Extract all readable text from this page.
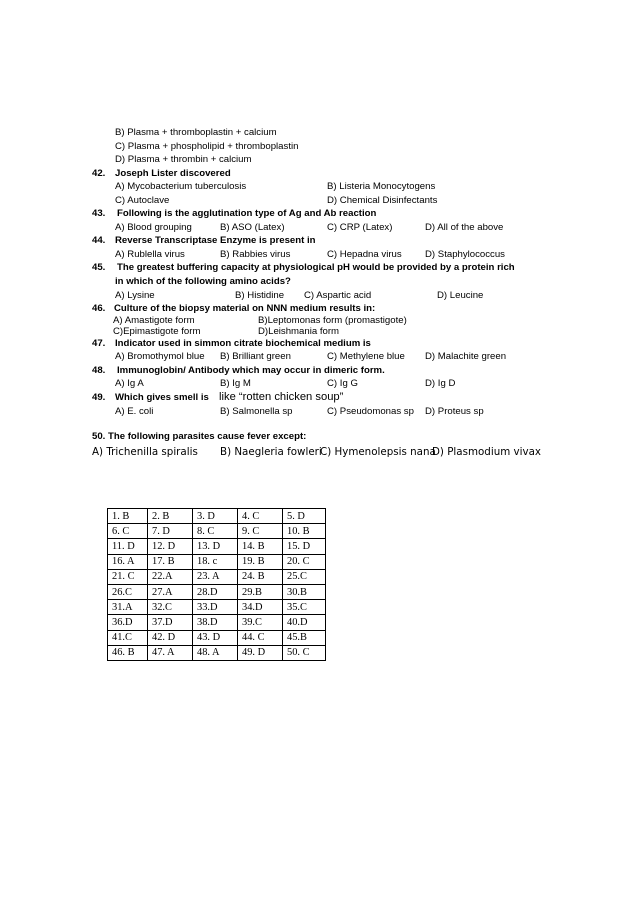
B) Plasma + thromboplastin + calcium
C) Plasma + phospholipid + thromboplastin
D) Plasma + thrombin + calcium
42. Joseph Lister discovered
A) Mycobacterium tuberculosis	B) Listeria Monocytogens
C) Autoclave	D) Chemical Disinfectants
43. Following is the agglutination type of Ag and Ab reaction
A) Blood grouping	B) ASO (Latex)	C) CRP (Latex)	D) All of the above
44. Reverse Transcriptase Enzyme is present in
A) Rublella virus	B) Rabbies virus	C) Hepadna virus D) Staphylococcus
45. The greatest buffering capacity at physiological pH would be provided by a protein rich
in which of the following amino acids?
A) Lysine	B) Histidine C) Aspartic acid	D) Leucine
46. Culture of the biopsy material on NNN medium results in:
A) Amastigote form	B)Leptomonas form (promastigote)
C)Epimastigote form	D)Leishmania form
47. Indicator used in simmon citrate biochemical medium is
A) Bromothymol blue B) Brilliant green	C) Methylene blue D) Malachite green
48. Immunoglobin/ Antibody which may occur in dimeric form.
A) Ig A	B) Ig M	C) Ig G	D) Ig D
49. Which gives smell is like “rotten chicken soup”
A) E. coli	B) Salmonella sp	C) Pseudomonas sp D) Proteus sp
50. The following parasites cause fever except:
A) Trichenilla spiralis B) Naegleria fowleri
C) Hymenolepsis nana
D) Plasmodium vivax
1. B	2. B	3. D	4. C	5. D
6. C	7. D	8. C	9. C	10. B
11. D	12. D	13. D	14. B	15. D
16. A	17. B	18. c	19. B	20. C
21. C	22.A	23. A	24. B	25.C
26.C	27.A	28.D	29.B	30.B
31.A	32.C	33.D	34.D	35.C
36.D	37.D	38.D	39.C	40.D
41.C	42. D	43. D	44. C	45.B
46. B	47. A	48. A	49. D	50. C
